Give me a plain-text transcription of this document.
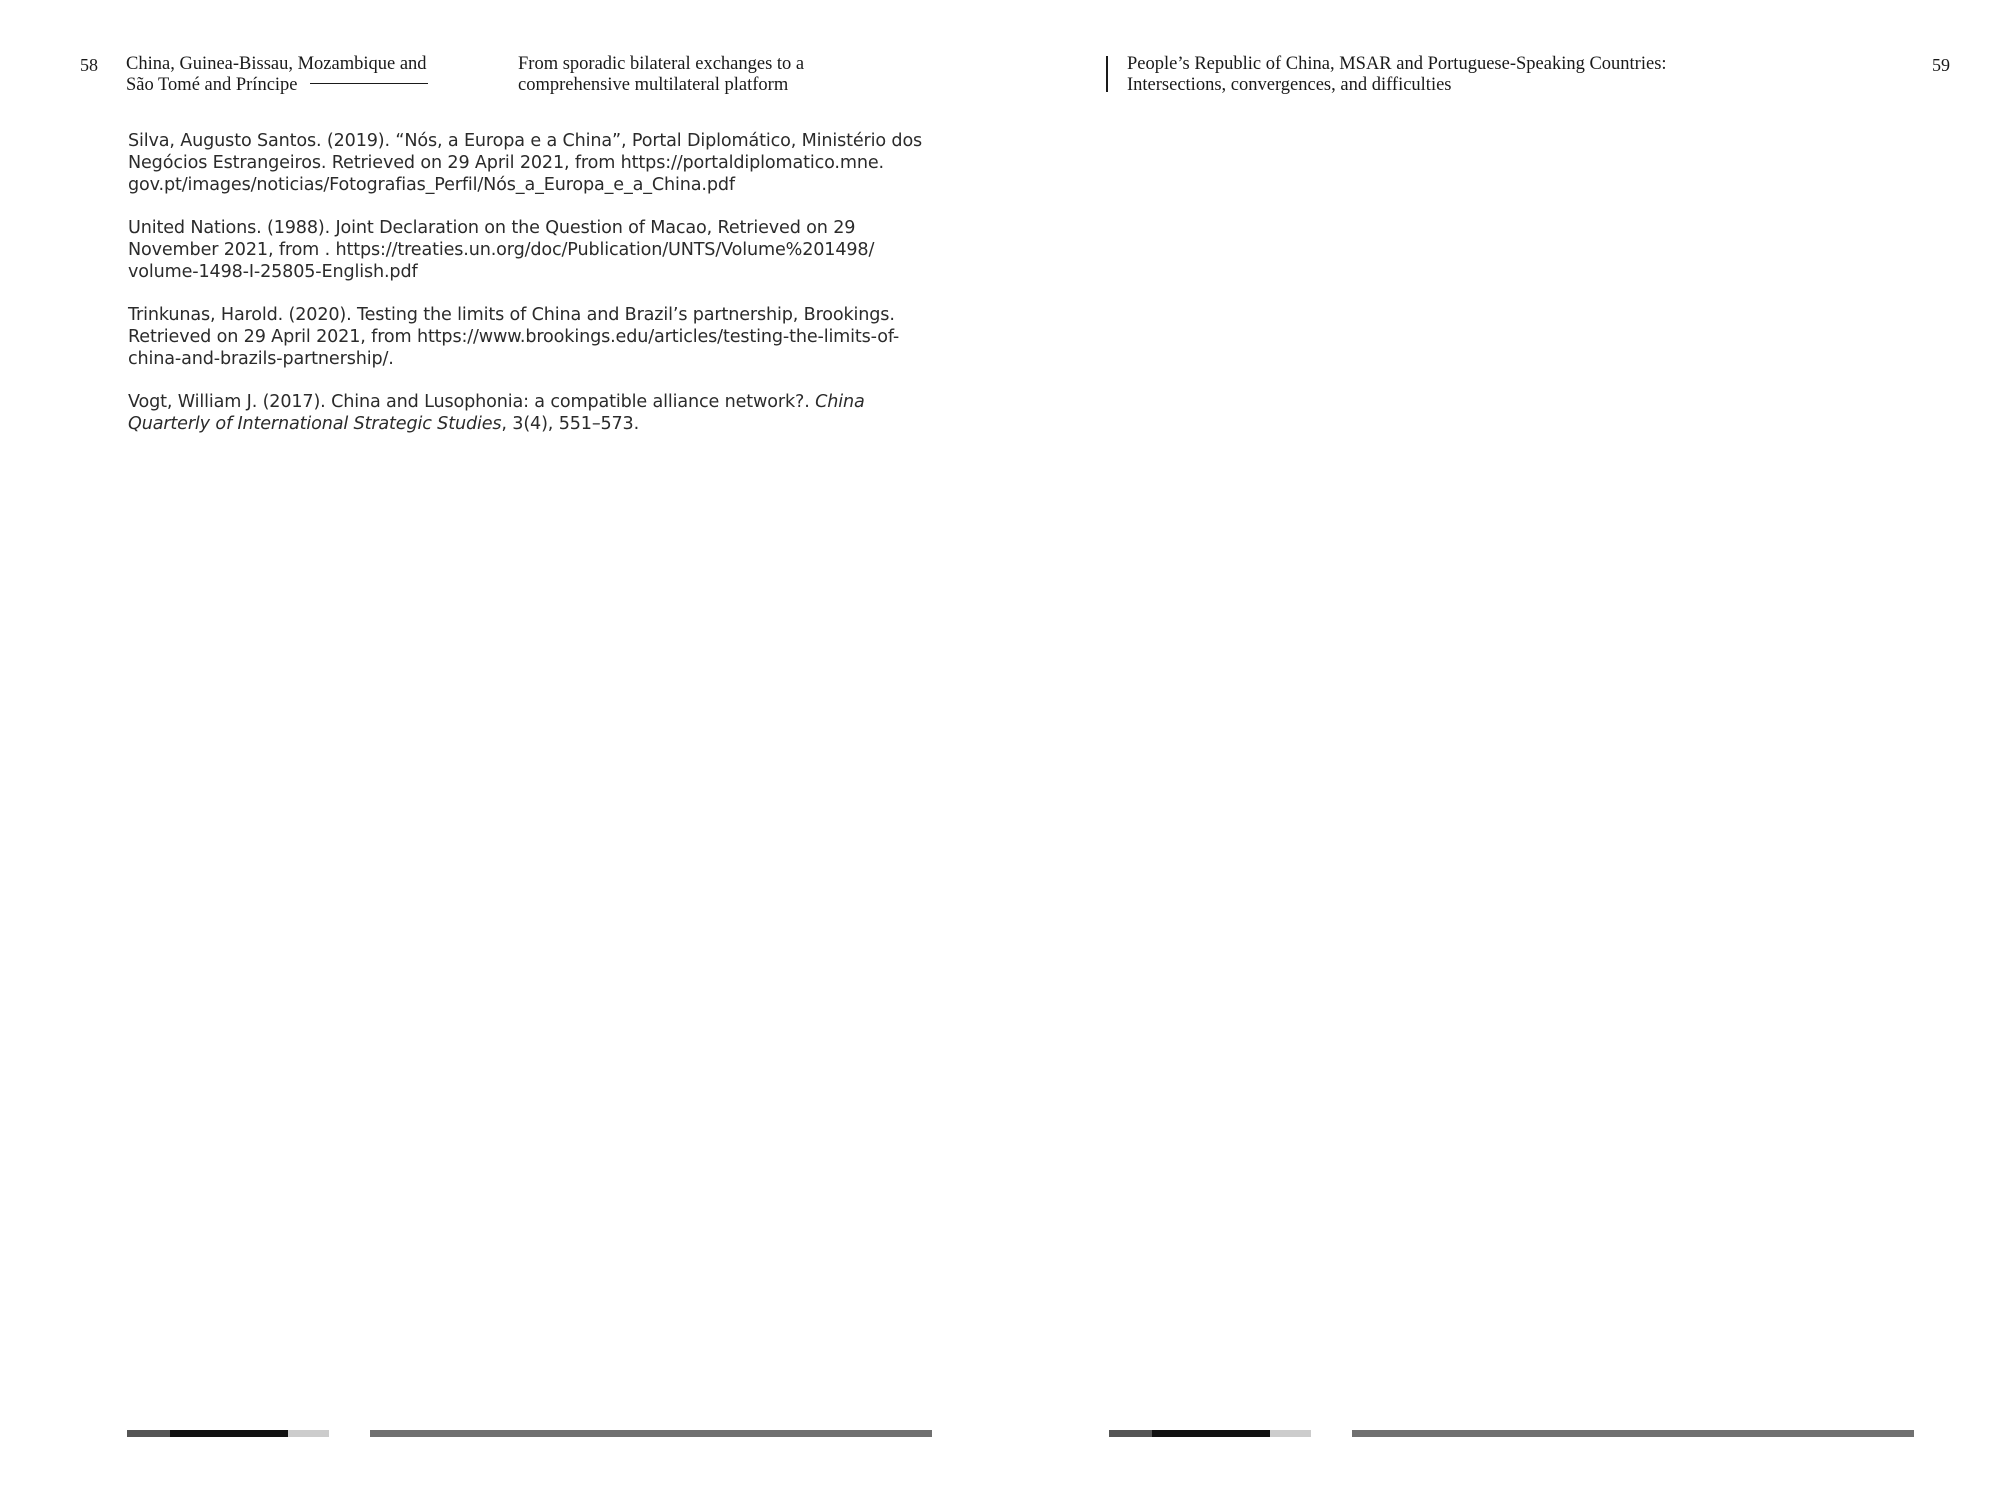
58 China, Guinea-Bissau, Mozambique and
São Tomé and Príncipe
From sporadic bilateral exchanges to a
comprehensive multilateral platform
People’s Republic of China, MSAR and Portuguese-Speaking Countries:
Intersections, convergences, and difficulties
59

Silva, Augusto Santos. (2019). “Nós, a Europa e a China”, Portal Diplomático, Ministério dos
Negócios Estrangeiros. Retrieved on 29 April 2021, from https://portaldiplomatico.mne.
gov.pt/images/noticias/Fotografias_Perfil/Nós_a_Europa_e_a_China.pdf

United Nations. (1988). Joint Declaration on the Question of Macao, Retrieved on 29
November 2021, from . https://treaties.un.org/doc/Publication/UNTS/Volume%201498/
volume-1498-I-25805-English.pdf

Trinkunas, Harold. (2020). Testing the limits of China and Brazil’s partnership, Brookings.
Retrieved on 29 April 2021, from https://www.brookings.edu/articles/testing-the-limits-of-
china-and-brazils-partnership/.

Vogt, William J. (2017). China and Lusophonia: a compatible alliance network?. China
Quarterly of International Strategic Studies, 3(4), 551–573.
